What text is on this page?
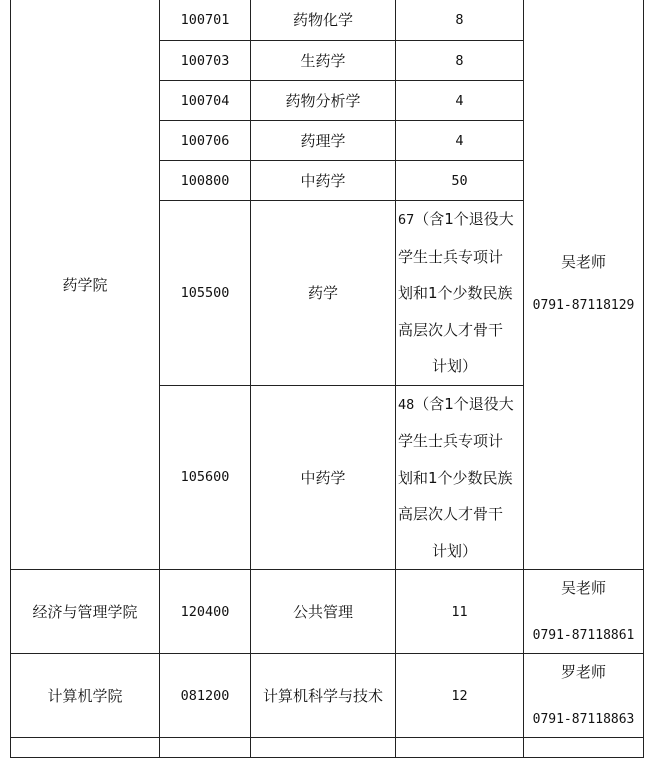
药学院	100701	药物化学	8	吴老师
0791-87118129

	100703	生药学	8	
	100704	药物分析学	4	
	100706	药理学	4	
	100800	中药学	50	
	105500	药学	67（含1个退役大
学生士兵专项计
划和1个少数民族
高层次人才骨干
计划）	
	105600	中药学	48（含1个退役大
学生士兵专项计
划和1个少数民族
高层次人才骨干
计划）	
经济与管理学院	120400	公共管理	11	吴老师
0791-87118861

计算机学院	081200	计算机科学与技术	12	罗老师
0791-87118863
